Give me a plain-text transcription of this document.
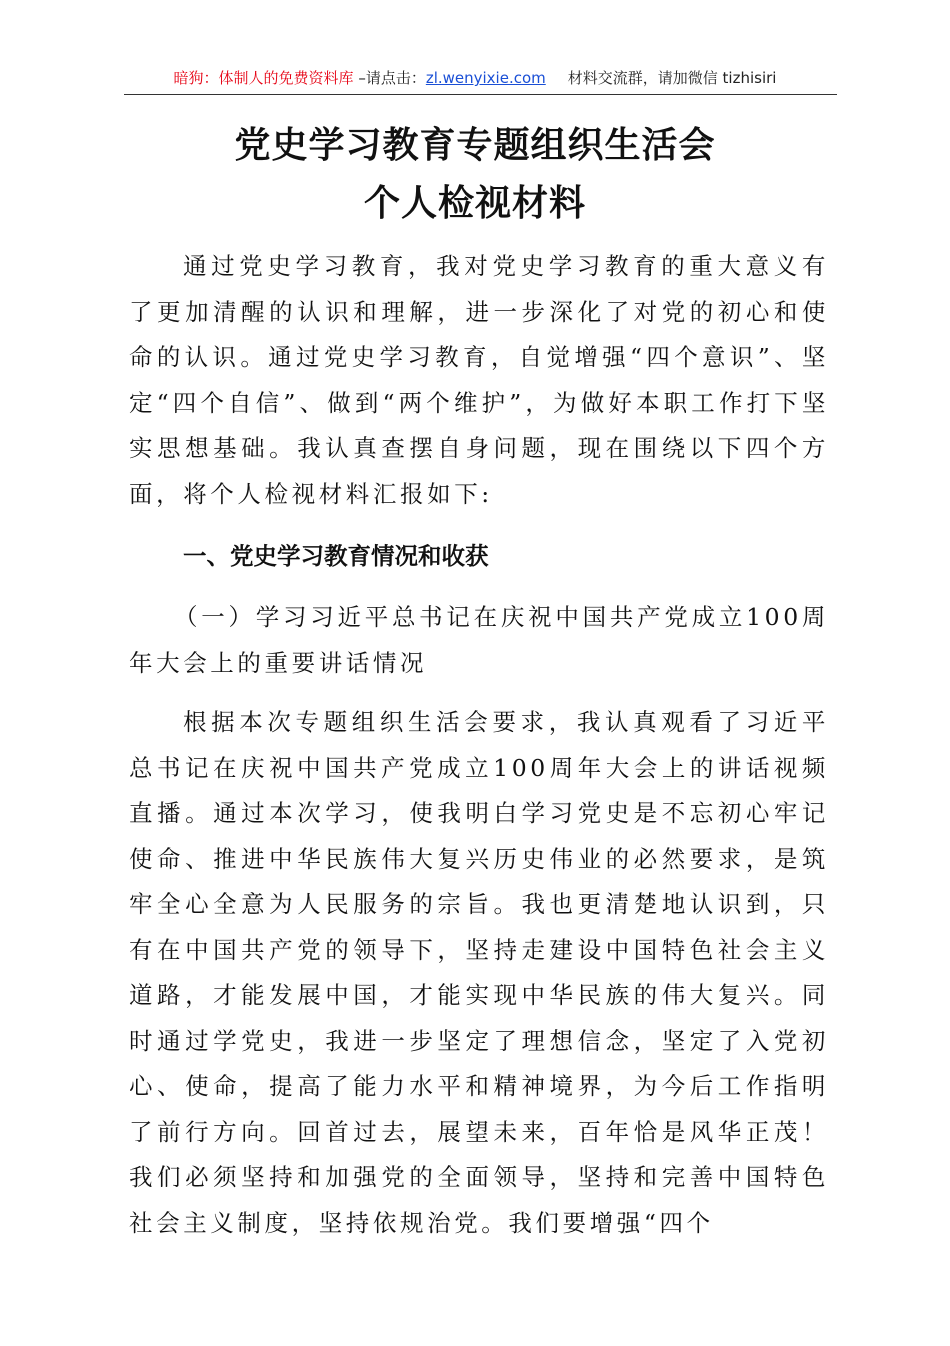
暗狗：体制人的免费资料库 –请点击：zl.wenyixie.com 材料交流群，请加微信 tizhisiri
党史学习教育专题组织生活会
个人检视材料

通过党史学习教育，我对党史学习教育的重大意义有了更加清醒的认识和理解，进一步深化了对党的初心和使命的认识。通过党史学习教育，自觉增强“四个意识”、坚定“四个自信”、做到“两个维护”，为做好本职工作打下坚实思想基础。我认真查摆自身问题，现在围绕以下四个方面，将个人检视材料汇报如下:

一、党史学习教育情况和收获

（一）学习习近平总书记在庆祝中国共产党成立100周年大会上的重要讲话情况

根据本次专题组织生活会要求，我认真观看了习近平总书记在庆祝中国共产党成立100周年大会上的讲话视频直播。通过本次学习，使我明白学习党史是不忘初心牢记使命、推进中华民族伟大复兴历史伟业的必然要求，是筑牢全心全意为人民服务的宗旨。我也更清楚地认识到，只有在中国共产党的领导下，坚持走建设中国特色社会主义道路，才能发展中国，才能实现中华民族的伟大复兴。同时通过学党史，我进一步坚定了理想信念，坚定了入党初心、使命，提高了能力水平和精神境界，为今后工作指明了前行方向。回首过去，展望未来，百年恰是风华正茂！我们必须坚持和加强党的全面领导，坚持和完善中国特色社会主义制度，坚持依规治党。我们要增强“四个
